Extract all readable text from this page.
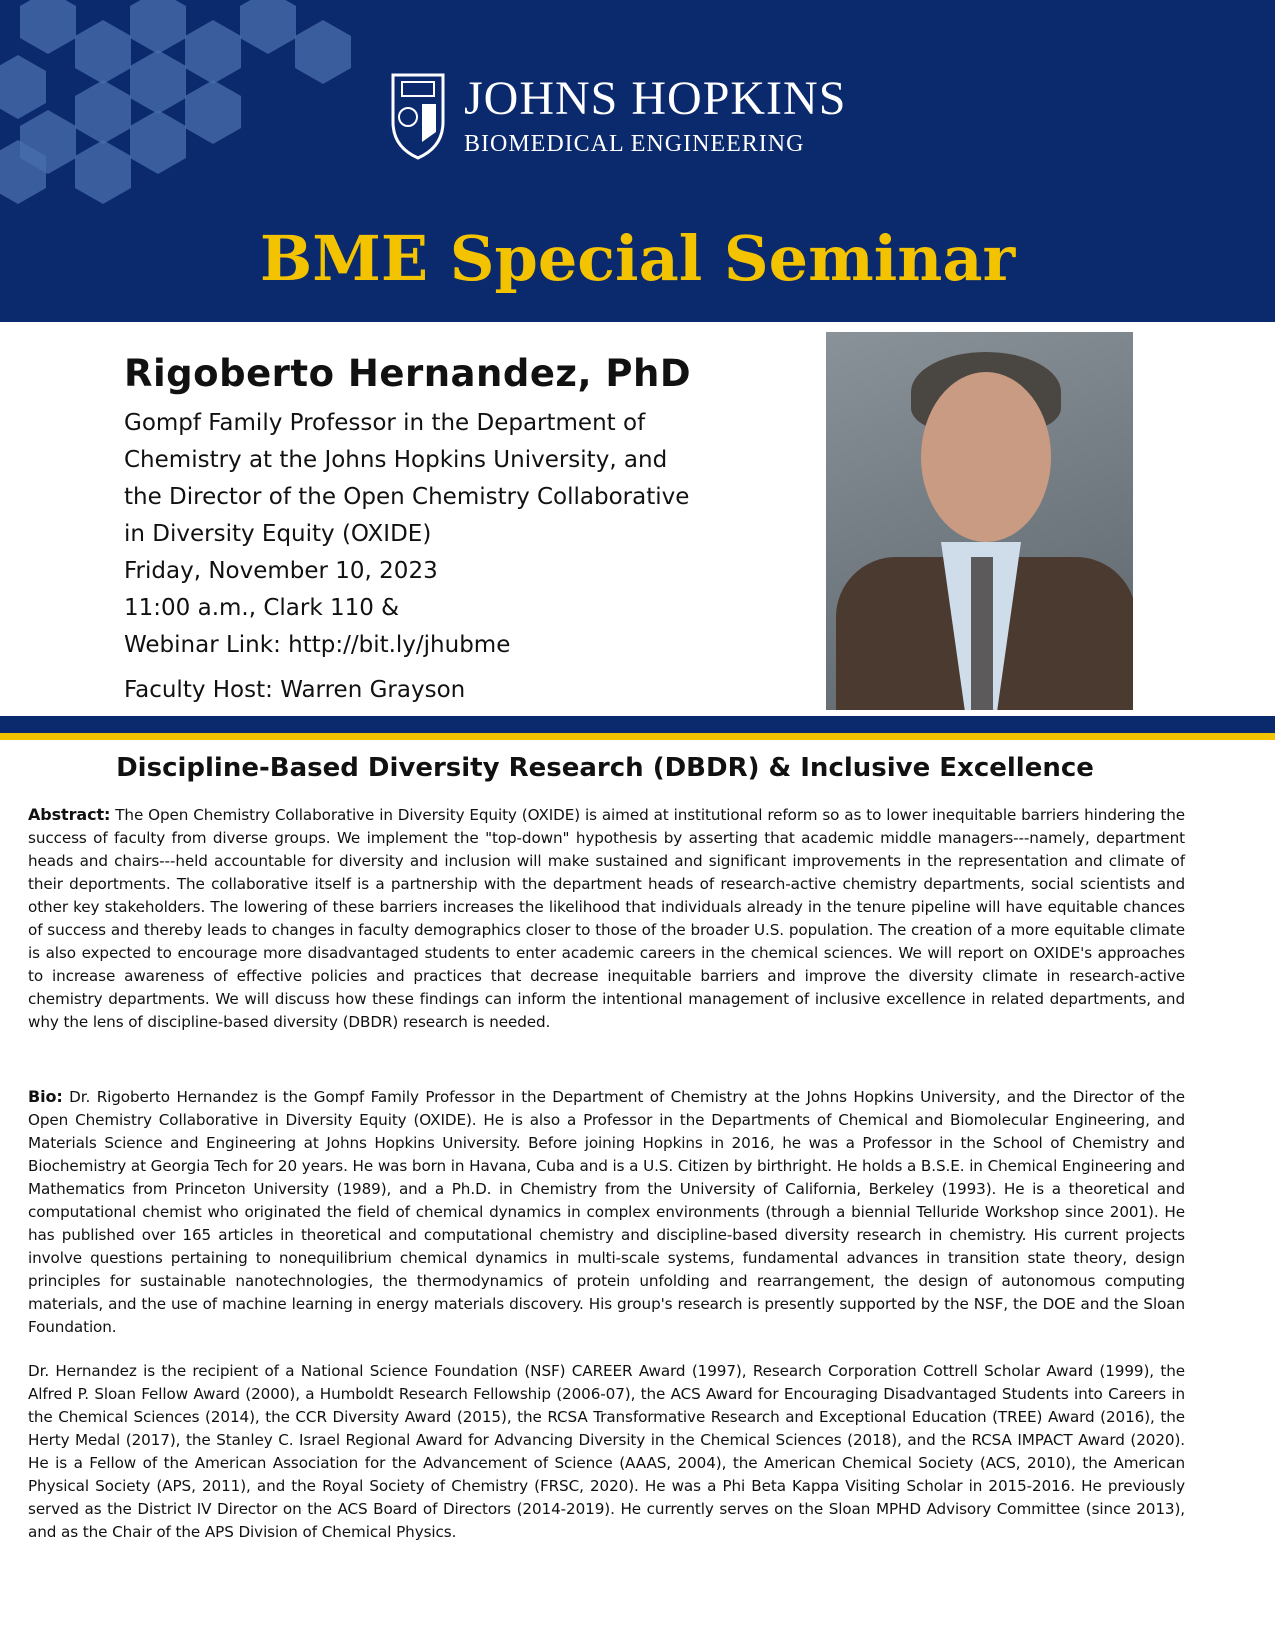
JOHNS HOPKINS
BIOMEDICAL ENGINEERING
BME Special Seminar
Rigoberto Hernandez, PhD
Gompf Family Professor in the Department of
Chemistry at the Johns Hopkins University, and
the Director of the Open Chemistry Collaborative
in Diversity Equity (OXIDE)
Friday, November 10, 2023
11:00 a.m., Clark 110 &
Webinar Link: http://bit.ly/jhubme
Faculty Host: Warren Grayson
Discipline-Based Diversity Research (DBDR) & Inclusive Excellence

Abstract: The Open Chemistry Collaborative in Diversity Equity (OXIDE) is aimed at institutional reform so as to lower inequitable barriers hindering the success of faculty from diverse groups. We implement the "top-down" hypothesis by asserting that academic middle managers---namely, department heads and chairs---held accountable for diversity and inclusion will make sustained and significant improvements in the representation and climate of their deportments. The collaborative itself is a partnership with the department heads of research-active chemistry departments, social scientists and other key stakeholders. The lowering of these barriers increases the likelihood that individuals already in the tenure pipeline will have equitable chances of success and thereby leads to changes in faculty demographics closer to those of the broader U.S. population. The creation of a more equitable climate is also expected to encourage more disadvantaged students to enter academic careers in the chemical sciences. We will report on OXIDE's approaches to increase awareness of effective policies and practices that decrease inequitable barriers and improve the diversity climate in research-active chemistry departments. We will discuss how these findings can inform the intentional management of inclusive excellence in related departments, and why the lens of discipline-based diversity (DBDR) research is needed.

Bio: Dr. Rigoberto Hernandez is the Gompf Family Professor in the Department of Chemistry at the Johns Hopkins University, and the Director of the Open Chemistry Collaborative in Diversity Equity (OXIDE). He is also a Professor in the Departments of Chemical and Biomolecular Engineering, and Materials Science and Engineering at Johns Hopkins University. Before joining Hopkins in 2016, he was a Professor in the School of Chemistry and Biochemistry at Georgia Tech for 20 years. He was born in Havana, Cuba and is a U.S. Citizen by birthright. He holds a B.S.E. in Chemical Engineering and Mathematics from Princeton University (1989), and a Ph.D. in Chemistry from the University of California, Berkeley (1993). He is a theoretical and computational chemist who originated the field of chemical dynamics in complex environments (through a biennial Telluride Workshop since 2001). He has published over 165 articles in theoretical and computational chemistry and discipline-based diversity research in chemistry. His current projects involve questions pertaining to nonequilibrium chemical dynamics in multi-scale systems, fundamental advances in transition state theory, design principles for sustainable nanotechnologies, the thermodynamics of protein unfolding and rearrangement, the design of autonomous computing materials, and the use of machine learning in energy materials discovery. His group's research is presently supported by the NSF, the DOE and the Sloan Foundation.

Dr. Hernandez is the recipient of a National Science Foundation (NSF) CAREER Award (1997), Research Corporation Cottrell Scholar Award (1999), the Alfred P. Sloan Fellow Award (2000), a Humboldt Research Fellowship (2006-07), the ACS Award for Encouraging Disadvantaged Students into Careers in the Chemical Sciences (2014), the CCR Diversity Award (2015), the RCSA Transformative Research and Exceptional Education (TREE) Award (2016), the Herty Medal (2017), the Stanley C. Israel Regional Award for Advancing Diversity in the Chemical Sciences (2018), and the RCSA IMPACT Award (2020). He is a Fellow of the American Association for the Advancement of Science (AAAS, 2004), the American Chemical Society (ACS, 2010), the American Physical Society (APS, 2011), and the Royal Society of Chemistry (FRSC, 2020). He was a Phi Beta Kappa Visiting Scholar in 2015-2016. He previously served as the District IV Director on the ACS Board of Directors (2014-2019). He currently serves on the Sloan MPHD Advisory Committee (since 2013), and as the Chair of the APS Division of Chemical Physics.
